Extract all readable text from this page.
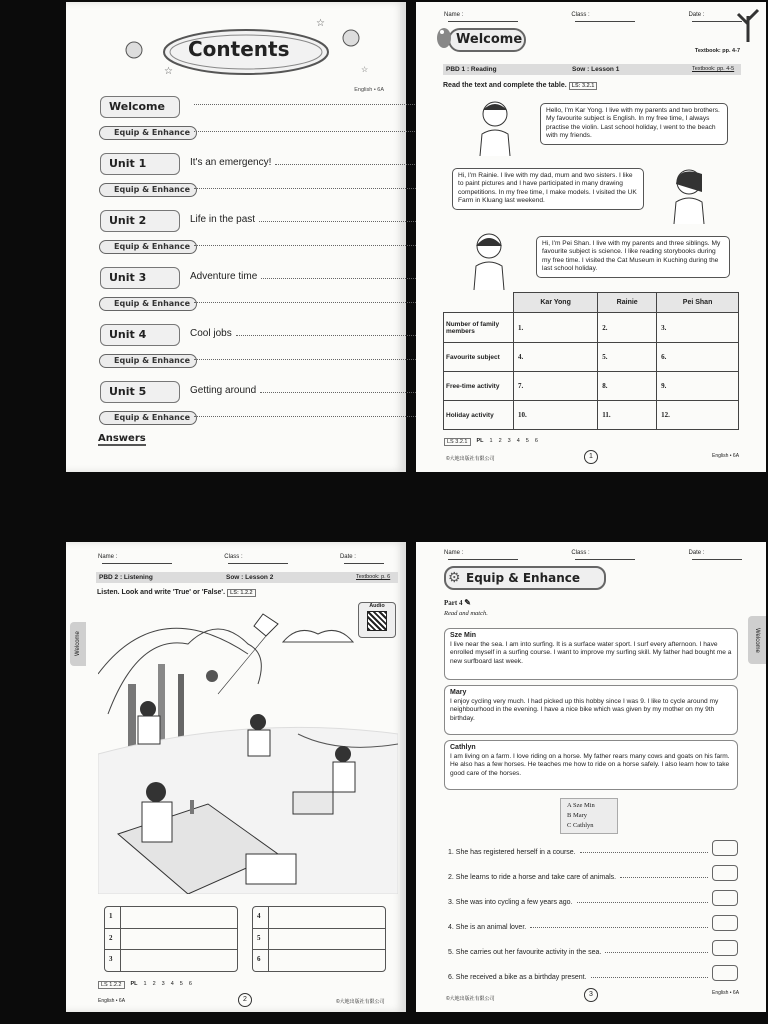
☆
☆
☆
Contents
English • 6A
Welcome
Equip & Enhance
Unit 1	It's an emergency!
Equip & Enhance
Unit 2	Life in the past
Equip & Enhance
Unit 3	Adventure time
Equip & Enhance
Unit 4	Cool jobs
Equip & Enhance
Unit 5	Getting around
Equip & Enhance
Answers
Name :	Class :	Date :
Welcome
Textbook: pp. 4-7
PBD 1 : Reading	Sow : Lesson 1	Textbook: pp. 4-5
Read the text and complete the table. LS: 3.2.1
Hello, I'm Kar Yong. I live with my parents and two brothers. My favourite subject is English. In my free time, I always practise the violin. Last school holiday, I went to the beach with my friends.
Hi, I'm Rainie. I live with my dad, mum and two sisters. I like to paint pictures and I have participated in many drawing competitions. In my free time, I make models. I visited the UK Farm in Kluang last weekend.
Hi, I'm Pei Shan. I live with my parents and three siblings. My favourite subject is science. I like reading storybooks during my free time. I visited the Cat Museum in Kuching during the last school holiday.
	Kar Yong	Rainie	Pei Shan
Number of family members	1.	2.	3.
Favourite subject	4.	5.	6.
Free-time activity	7.	8.	9.
Holiday activity	10.	11.	12.
LS 3.2.1	PL 1 2 3 4 5 6
©大地出版社有限公司	1	English • 6A
Name :	Class :	Date :
PBD 2 : Listening	Sow : Lesson 2	Textbook: p. 6
Listen. Look and write 'True' or 'False'. LS: 1.2.2
Audio
Welcome
1
2
3
4
5
6
LS 1.2.2	PL 1 2 3 4 5 6
English • 6A	2	©大地出版社有限公司
Name :	Class :	Date :
⚙ Equip & Enhance
Part 4 ✎
Read and match.
Welcome
Sze Min
I live near the sea. I am into surfing. It is a surface water sport. I surf every afternoon. I have enrolled myself in a surfing course. I want to improve my surfing skill. My father had bought me a new surfboard last week.
Mary
I enjoy cycling very much. I had picked up this hobby since I was 9. I like to cycle around my neighbourhood in the evening. I have a nice bike which was given by my mother on my 9th birthday.
Cathlyn
I am living on a farm. I love riding on a horse. My father rears many cows and goats on his farm. He also has a few horses. He teaches me how to ride on a horse safely. I also learn how to take good care of the horses.
A Sze Min
B Mary
C Cathlyn
1. She has registered herself in a course.
2. She learns to ride a horse and take care of animals.
3. She was into cycling a few years ago.
4. She is an animal lover.
5. She carries out her favourite activity in the sea.
6. She received a bike as a birthday present.
©大地出版社有限公司
3	English • 6A
